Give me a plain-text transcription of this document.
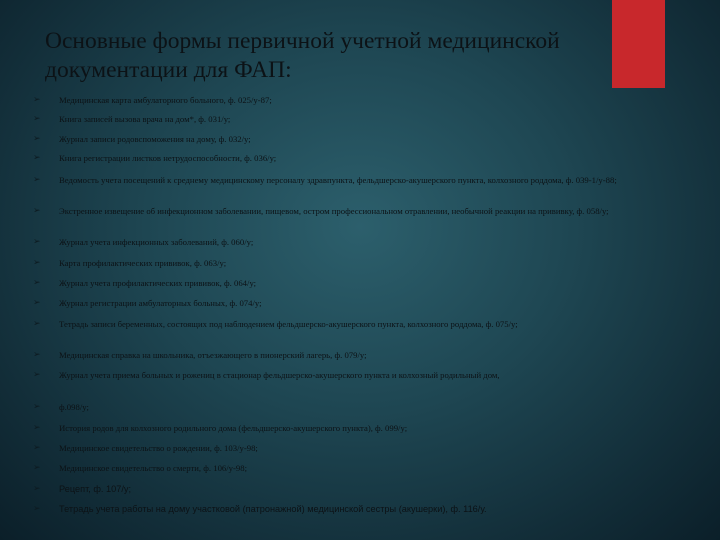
Основные формы первичной учетной медицинской
документации для ФАП:
➢ Медицинская карта амбулаторного больного, ф. 025/у-87;
➢ Книга записей вызова врача на дом*, ф. 031/у;
➢ Журнал записи родовспоможения на дому, ф. 032/у;
➢ Книга регистрации листков нетрудоспособности, ф. 036/у;
➢ Ведомость учета посещений к среднему медицинскому персоналу здравпункта, фельдшерско-акушерского пункта, колхозного роддома, ф. 039-1/у-88;
➢ Экстренное извещение об инфекционном заболевании, пищевом, остром профессиональном отравлении, необычной реакции на прививку, ф. 058/у;
➢ Журнал учета инфекционных заболеваний, ф. 060/у;
➢ Карта профилактических прививок, ф. 063/у;
➢ Журнал учета профилактических прививок, ф. 064/у;
➢ Журнал регистрации амбулаторных больных, ф. 074/у;
➢ Тетрадь записи беременных, состоящих под наблюдением фельдшерско-акушерского пункта, колхозного роддома, ф. 075/у;
➢ Медицинская справка на школьника, отъезжающего в пионерский лагерь, ф. 079/у;
➢ Журнал учета приема больных и рожениц в стационар фельдшерско-акушерского пункта и колхозный родильный дом,
➢ ф.098/у;
➢ История родов для колхозного родильного дома (фельдшерско-акушерского пункта), ф. 099/у;
➢ Медицинское свидетельство о рождении, ф. 103/у-98;
➢ Медицинское свидетельство о смерти, ф. 106/у-98;
➢ Рецепт, ф. 107/у;
➢ Тетрадь учета работы на дому участковой (патронажной) медицинской сестры (акушерки), ф. 116/у.
